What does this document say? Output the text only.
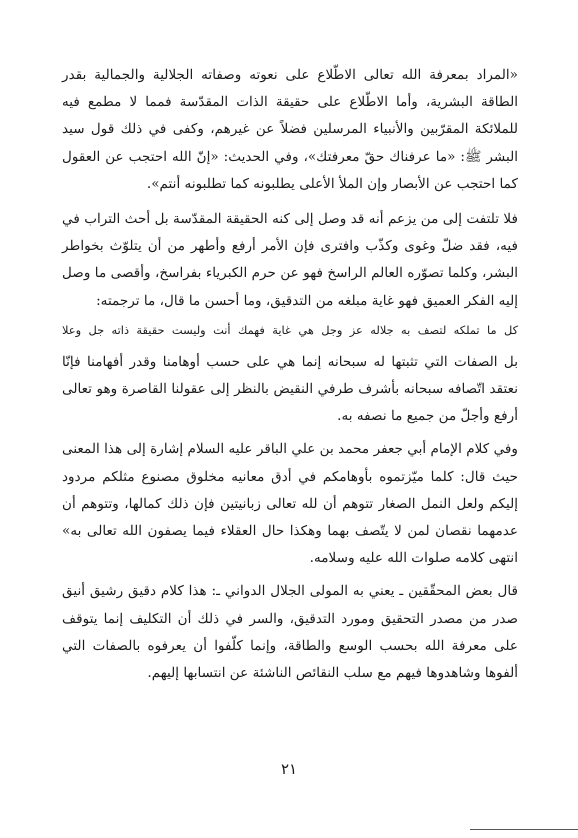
«المراد بمعرفة الله تعالى الاطّلاع على نعوته وصفاته الجلالية والجمالية بقدر الطاقة البشرية، وأما الاطّلاع على حقيقة الذات المقدّسة فمما لا مطمع فيه للملائكة المقرّبين والأنبياء المرسلين فضلاً عن غيرهم، وكفى في ذلك قول سيد البشر ﷺ: «ما عرفناك حقّ معرفتك»، وفي الحديث: «إنّ الله احتجب عن العقول كما احتجب عن الأبصار وإن الملأ الأعلى يطلبونه كما تطلبونه أنتم».

فلا تلتفت إلى من يزعم أنه قد وصل إلى كنه الحقيقة المقدّسة بل أحث التراب في فيه، فقد ضلّ وغوى وكذّب وافترى فإن الأمر أرفع وأطهر من أن يتلوّث بخواطر البشر، وكلما تصوّره العالم الراسخ فهو عن حرم الكبرياء بفراسخ، وأقصى ما وصل إليه الفكر العميق فهو غاية مبلغه من التدقيق، وما أحسن ما قال، ما ترجمته:

كل ما تملكه لتصف به جلاله عز وجل هي غاية فهمك أنت وليست حقيقة ذاته جل وعلا

بل الصفات التي تثبتها له سبحانه إنما هي على حسب أوهامنا وقدر أفهامنا فإنّا نعتقد اتّصافه سبحانه بأشرف طرفي النقيض بالنظر إلى عقولنا القاصرة وهو تعالى أرفع وأجلّ من جميع ما نصفه به.

وفي كلام الإمام أبي جعفر محمد بن علي الباقر عليه السلام إشارة إلى هذا المعنى حيث قال: كلما ميّزتموه بأوهامكم في أدق معانيه مخلوق مصنوع مثلكم مردود إليكم ولعل النمل الصغار تتوهم أن لله تعالى زبانيتين فإن ذلك كمالها، وتتوهم أن عدمهما نقصان لمن لا يتّصف بهما وهكذا حال العقلاء فيما يصفون الله تعالى به» انتهى كلامه صلوات الله عليه وسلامه.

قال بعض المحقّقين ـ يعني به المولى الجلال الدواني ـ: هذا كلام دقيق رشيق أنيق صدر من مصدر التحقيق ومورد التدقيق، والسر في ذلك أن التكليف إنما يتوقف على معرفة الله بحسب الوسع والطاقة، وإنما كلّفوا أن يعرفوه بالصفات التي ألفوها وشاهدوها فيهم مع سلب النقائص الناشئة عن انتسابها إليهم.

٢١
